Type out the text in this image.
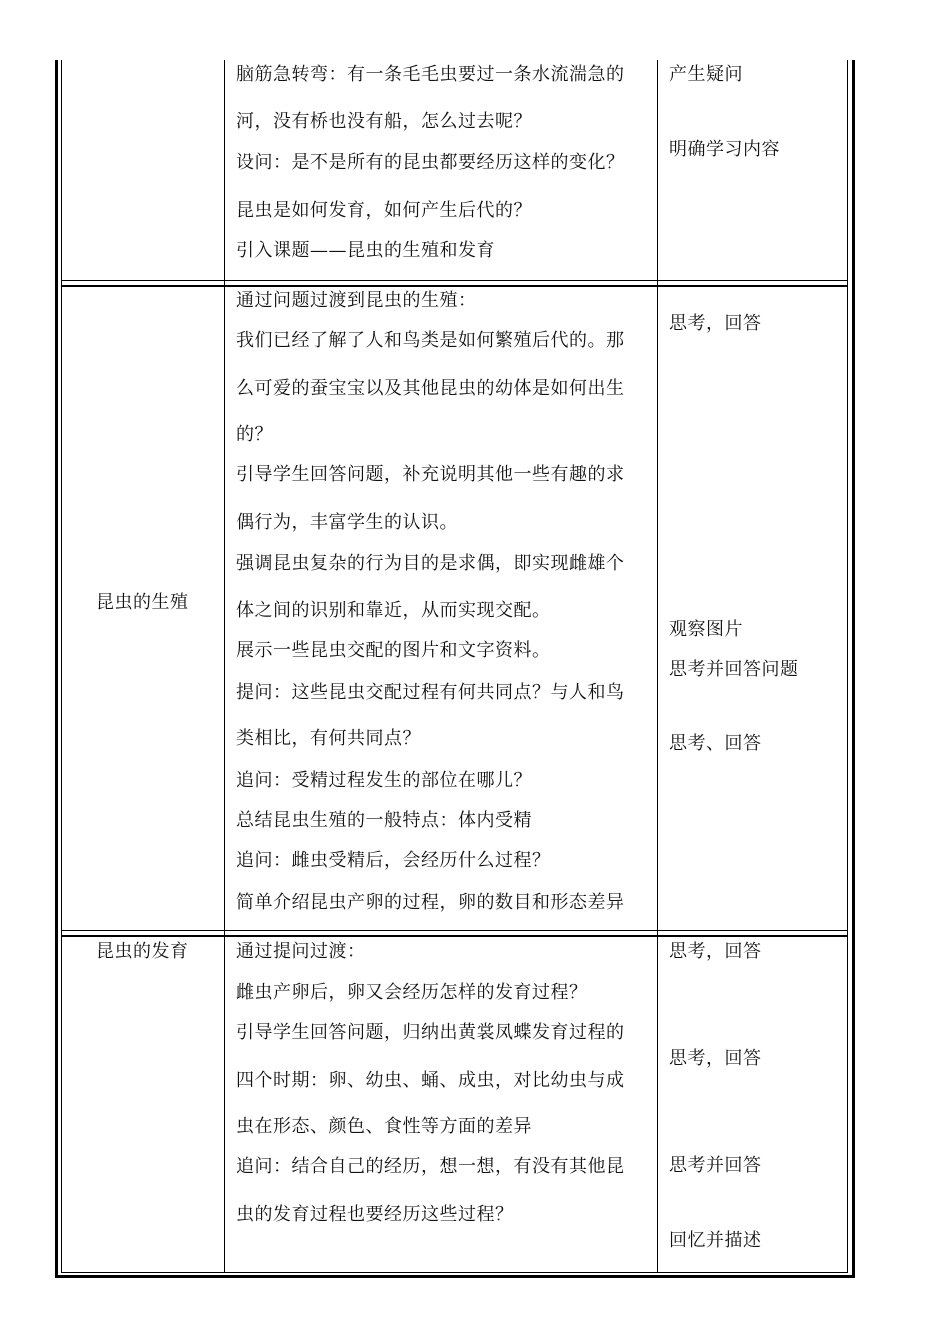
脑筋急转弯：有一条毛毛虫要过一条水流湍急的
河，没有桥也没有船，怎么过去呢？
设问：是不是所有的昆虫都要经历这样的变化？
昆虫是如何发育，如何产生后代的？
引入课题——昆虫的生殖和发育
产生疑问
明确学习内容
昆虫的生殖
通过问题过渡到昆虫的生殖：
我们已经了解了人和鸟类是如何繁殖后代的。那
么可爱的蚕宝宝以及其他昆虫的幼体是如何出生
的？
引导学生回答问题，补充说明其他一些有趣的求
偶行为，丰富学生的认识。
强调昆虫复杂的行为目的是求偶，即实现雌雄个
体之间的识别和靠近，从而实现交配。
展示一些昆虫交配的图片和文字资料。
提问：这些昆虫交配过程有何共同点？与人和鸟
类相比，有何共同点？
追问：受精过程发生的部位在哪儿？
总结昆虫生殖的一般特点：体内受精
追问：雌虫受精后，会经历什么过程？
简单介绍昆虫产卵的过程，卵的数目和形态差异
思考，回答
观察图片
思考并回答问题
思考、回答
昆虫的发育	通过提问过渡：
雌虫产卵后，卵又会经历怎样的发育过程？
引导学生回答问题，归纳出黄裳凤蝶发育过程的
四个时期：卵、幼虫、蛹、成虫，对比幼虫与成
虫在形态、颜色、食性等方面的差异
追问：结合自己的经历，想一想，有没有其他昆
虫的发育过程也要经历这些过程？
思考，回答
思考，回答
思考并回答
回忆并描述
